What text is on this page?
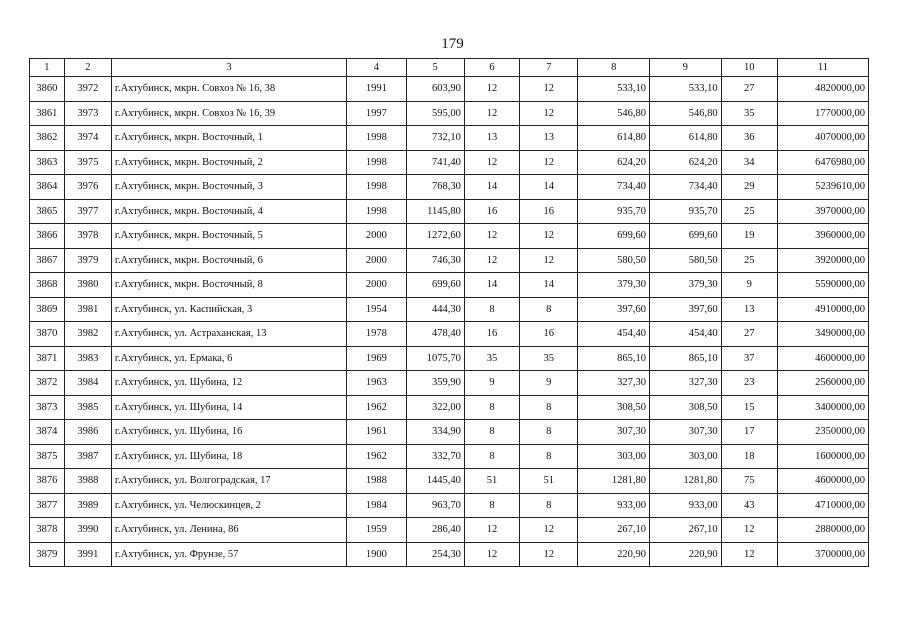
179
1	2	3	4	5	6	7	8	9	10	11
3860	3972	г.Ахтубинск, мкрн. Совхоз № 16, 38	1991	603,90	12	12	533,10	533,10	27	4820000,00
3861	3973	г.Ахтубинск, мкрн. Совхоз № 16, 39	1997	595,00	12	12	546,80	546,80	35	1770000,00
3862	3974	г.Ахтубинск, мкрн. Восточный, 1	1998	732,10	13	13	614,80	614,80	36	4070000,00
3863	3975	г.Ахтубинск, мкрн. Восточный, 2	1998	741,40	12	12	624,20	624,20	34	6476980,00
3864	3976	г.Ахтубинск, мкрн. Восточный, 3	1998	768,30	14	14	734,40	734,40	29	5239610,00
3865	3977	г.Ахтубинск, мкрн. Восточный, 4	1998	1145,80	16	16	935,70	935,70	25	3970000,00
3866	3978	г.Ахтубинск, мкрн. Восточный, 5	2000	1272,60	12	12	699,60	699,60	19	3960000,00
3867	3979	г.Ахтубинск, мкрн. Восточный, 6	2000	746,30	12	12	580,50	580,50	25	3920000,00
3868	3980	г.Ахтубинск, мкрн. Восточный, 8	2000	699,60	14	14	379,30	379,30	9	5590000,00
3869	3981	г.Ахтубинск, ул. Каспийская, 3	1954	444,30	8	8	397,60	397,60	13	4910000,00
3870	3982	г.Ахтубинск, ул. Астраханская, 13	1978	478,40	16	16	454,40	454,40	27	3490000,00
3871	3983	г.Ахтубинск, ул. Ермака, 6	1969	1075,70	35	35	865,10	865,10	37	4600000,00
3872	3984	г.Ахтубинск, ул. Шубина, 12	1963	359,90	9	9	327,30	327,30	23	2560000,00
3873	3985	г.Ахтубинск, ул. Шубина, 14	1962	322,00	8	8	308,50	308,50	15	3400000,00
3874	3986	г.Ахтубинск, ул. Шубина, 16	1961	334,90	8	8	307,30	307,30	17	2350000,00
3875	3987	г.Ахтубинск, ул. Шубина, 18	1962	332,70	8	8	303,00	303,00	18	1600000,00
3876	3988	г.Ахтубинск, ул. Волгоградская, 17	1988	1445,40	51	51	1281,80	1281,80	75	4600000,00
3877	3989	г.Ахтубинск, ул. Челюскинцев, 2	1984	963,70	8	8	933,00	933,00	43	4710000,00
3878	3990	г.Ахтубинск, ул. Ленина, 86	1959	286,40	12	12	267,10	267,10	12	2880000,00
3879	3991	г.Ахтубинск, ул. Фрунзе, 57	1900	254,30	12	12	220,90	220,90	12	3700000,00
